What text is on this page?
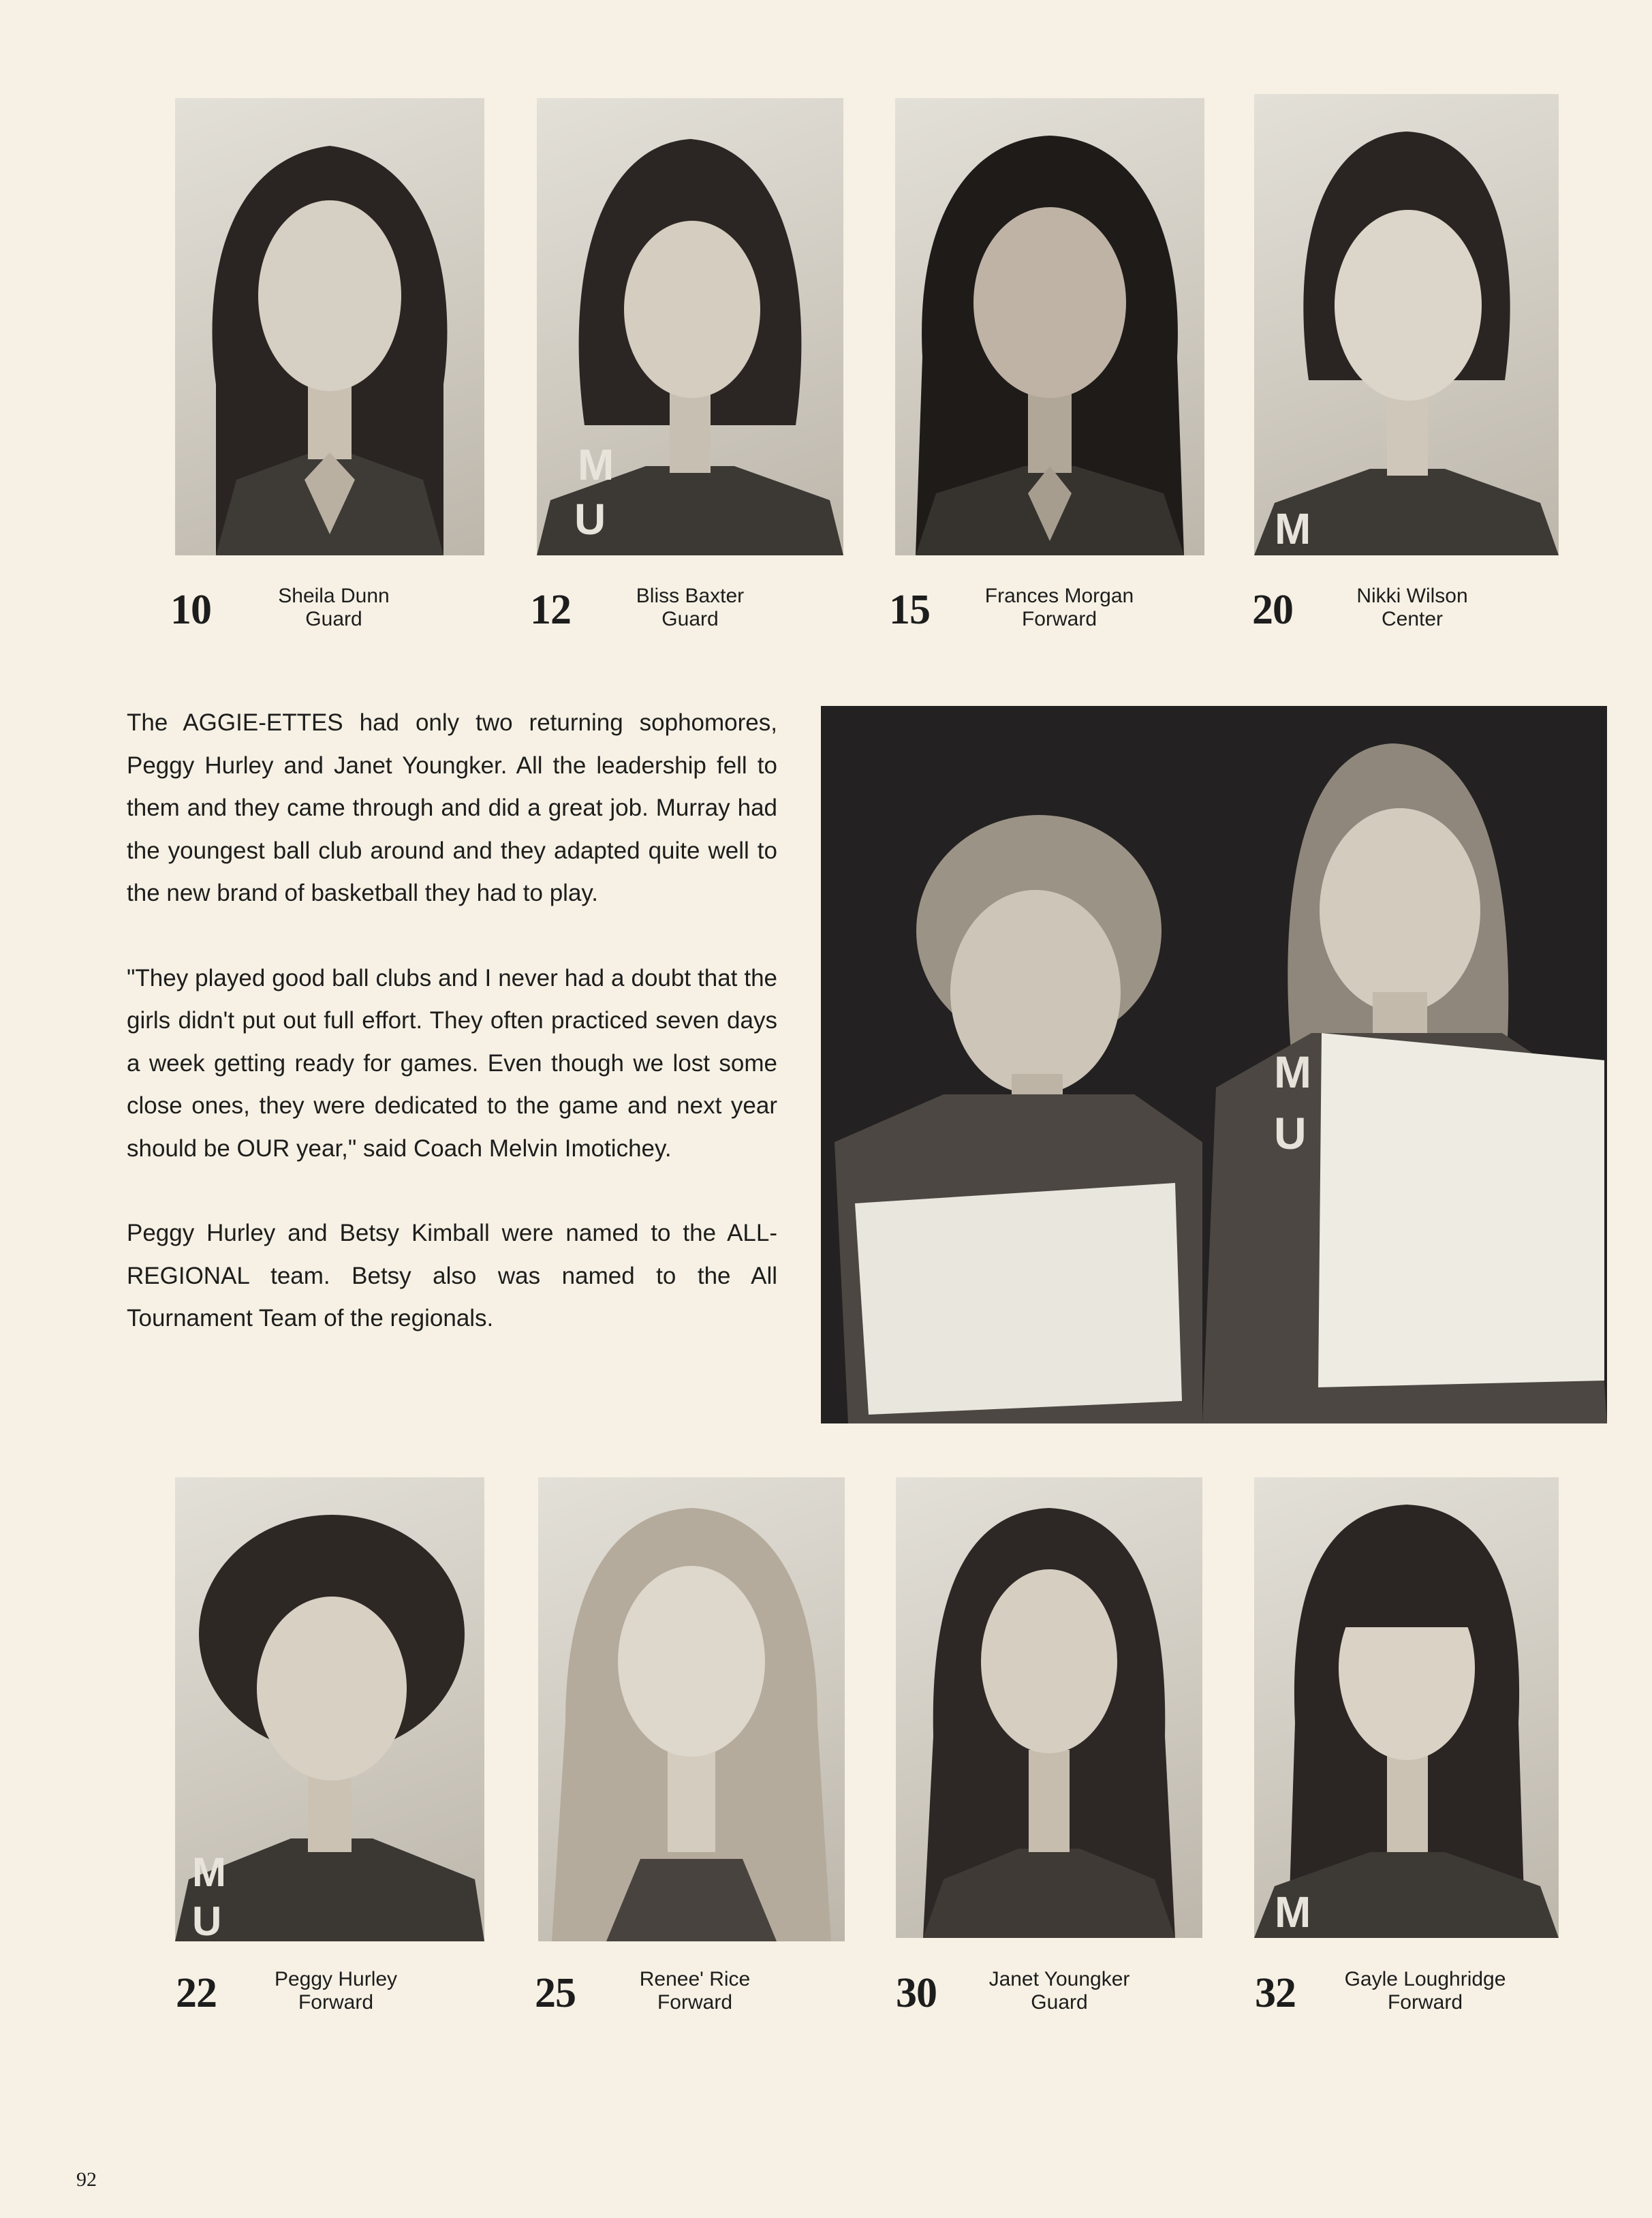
M
U	M
10	Sheila Dunn
Guard	12	Bliss Baxter
Guard	15	Frances Morgan
Forward	20	Nikki Wilson
Center

The AGGIE-ETTES had only two returning sophomores, Peggy Hurley and Janet Youngker. All the leadership fell to them and they came through and did a great job. Murray had the youngest ball club around and they adapted quite well to the new brand of basketball they had to play.

"They played good ball clubs and I never had a doubt that the girls didn't put out full effort. They often practiced seven days a week getting ready for games. Even though we lost some close ones, they were dedicated to the game and next year should be OUR year," said Coach Melvin Imotichey.

Peggy Hurley and Betsy Kimball were named to the ALL-REGIONAL team. Betsy also was named to the All Tournament Team of the regionals.

M
U
M
U	M
22	Peggy Hurley
Forward	25	Renee' Rice
Forward	30	Janet Youngker
Guard	32	Gayle Loughridge
Forward
92
